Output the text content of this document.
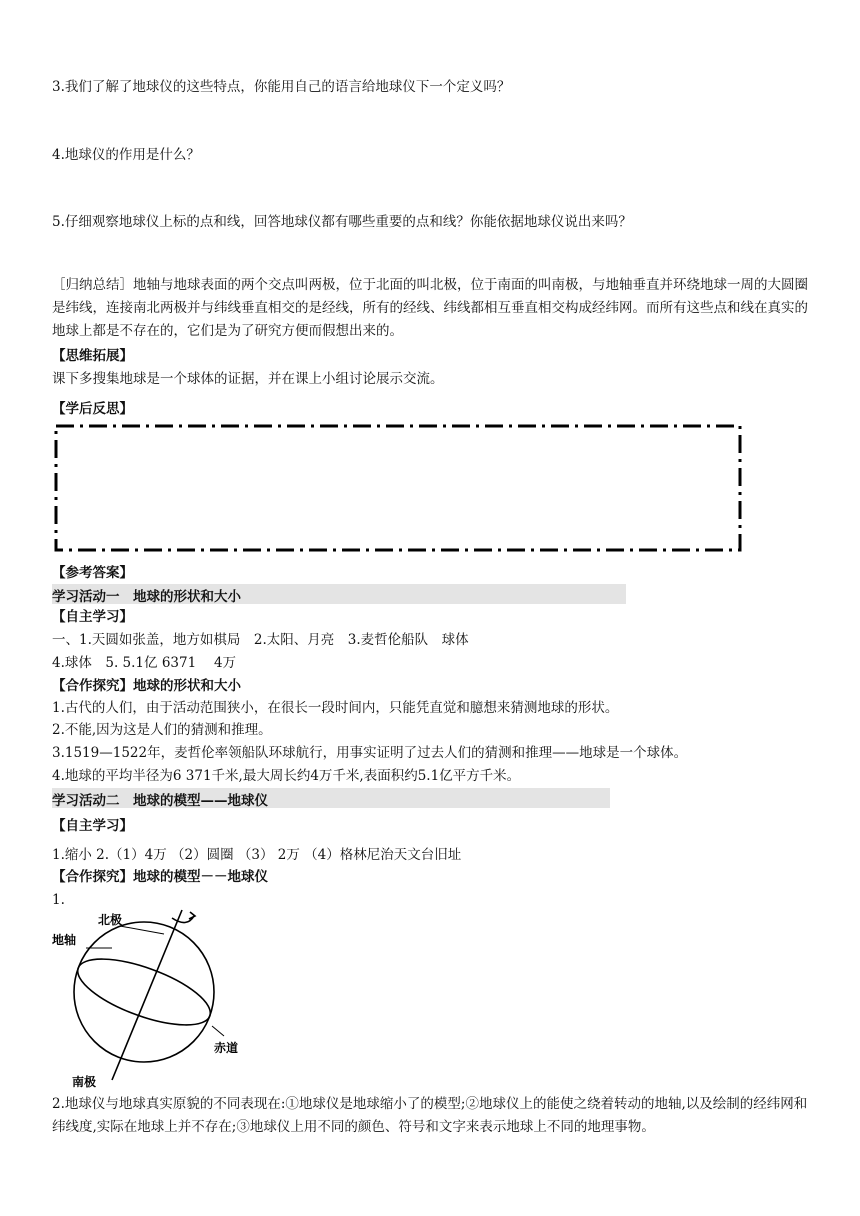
3.我们了解了地球仪的这些特点，你能用自己的语言给地球仪下一个定义吗？
4.地球仪的作用是什么？
5.仔细观察地球仪上标的点和线，回答地球仪都有哪些重要的点和线？你能依据地球仪说出来吗？
［归纳总结］地轴与地球表面的两个交点叫两极，位于北面的叫北极，位于南面的叫南极，与地轴垂直并环绕地球一周的大圆圈是纬线，连接南北两极并与纬线垂直相交的是经线，所有的经线、纬线都相互垂直相交构成经纬网。而所有这些点和线在真实的地球上都是不存在的，它们是为了研究方便而假想出来的。
【思维拓展】
课下多搜集地球是一个球体的证据，并在课上小组讨论展示交流。
【学后反思】
【参考答案】
学习活动一　地球的形状和大小
【自主学习】
一、1.天圆如张盖，地方如棋局　2.太阳、月亮　3.麦哲伦船队　球体
4.球体　5. 5.1亿 6371　 4万
【合作探究】地球的形状和大小
1.古代的人们，由于活动范围狭小，在很长一段时间内，只能凭直觉和臆想来猜测地球的形状。
2.不能,因为这是人们的猜测和推理。
3.1519—1522年，麦哲伦率领船队环球航行，用事实证明了过去人们的猜测和推理——地球是一个球体。
4.地球的平均半径为6 371千米,最大周长约4万千米,表面积约5.1亿平方千米。
学习活动二　地球的模型——地球仪
【自主学习】
1.缩小 2.（1）4万 （2）圆圈 （3） 2万 （4）格林尼治天文台旧址
【合作探究】地球的模型－－地球仪
1.
北极
地轴
赤道
南极
2.地球仪与地球真实原貌的不同表现在:①地球仪是地球缩小了的模型;②地球仪上的能使之绕着转动的地轴,以及绘制的经纬网和纬线度,实际在地球上并不存在;③地球仪上用不同的颜色、符号和文字来表示地球上不同的地理事物。
